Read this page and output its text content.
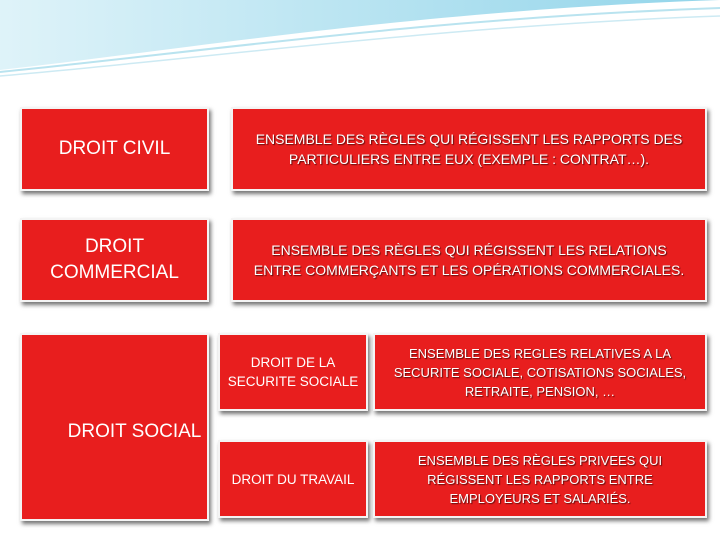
DROIT CIVIL	ENSEMBLE DES RÈGLES QUI RÉGISSENT LES RAPPORTS DES
PARTICULIERS ENTRE EUX (EXEMPLE : CONTRAT…).
DROIT
COMMERCIAL
ENSEMBLE DES RÈGLES QUI RÉGISSENT LES RELATIONS
ENTRE COMMERÇANTS ET LES OPÉRATIONS COMMERCIALES.
DROIT SOCIAL
DROIT DE LA
SECURITE SOCIALE
ENSEMBLE DES REGLES RELATIVES A LA
SECURITE SOCIALE, COTISATIONS SOCIALES,
RETRAITE, PENSION, …
DROIT DU TRAVAIL
ENSEMBLE DES RÈGLES PRIVEES QUI
RÉGISSENT LES RAPPORTS ENTRE
EMPLOYEURS ET SALARIÉS.
